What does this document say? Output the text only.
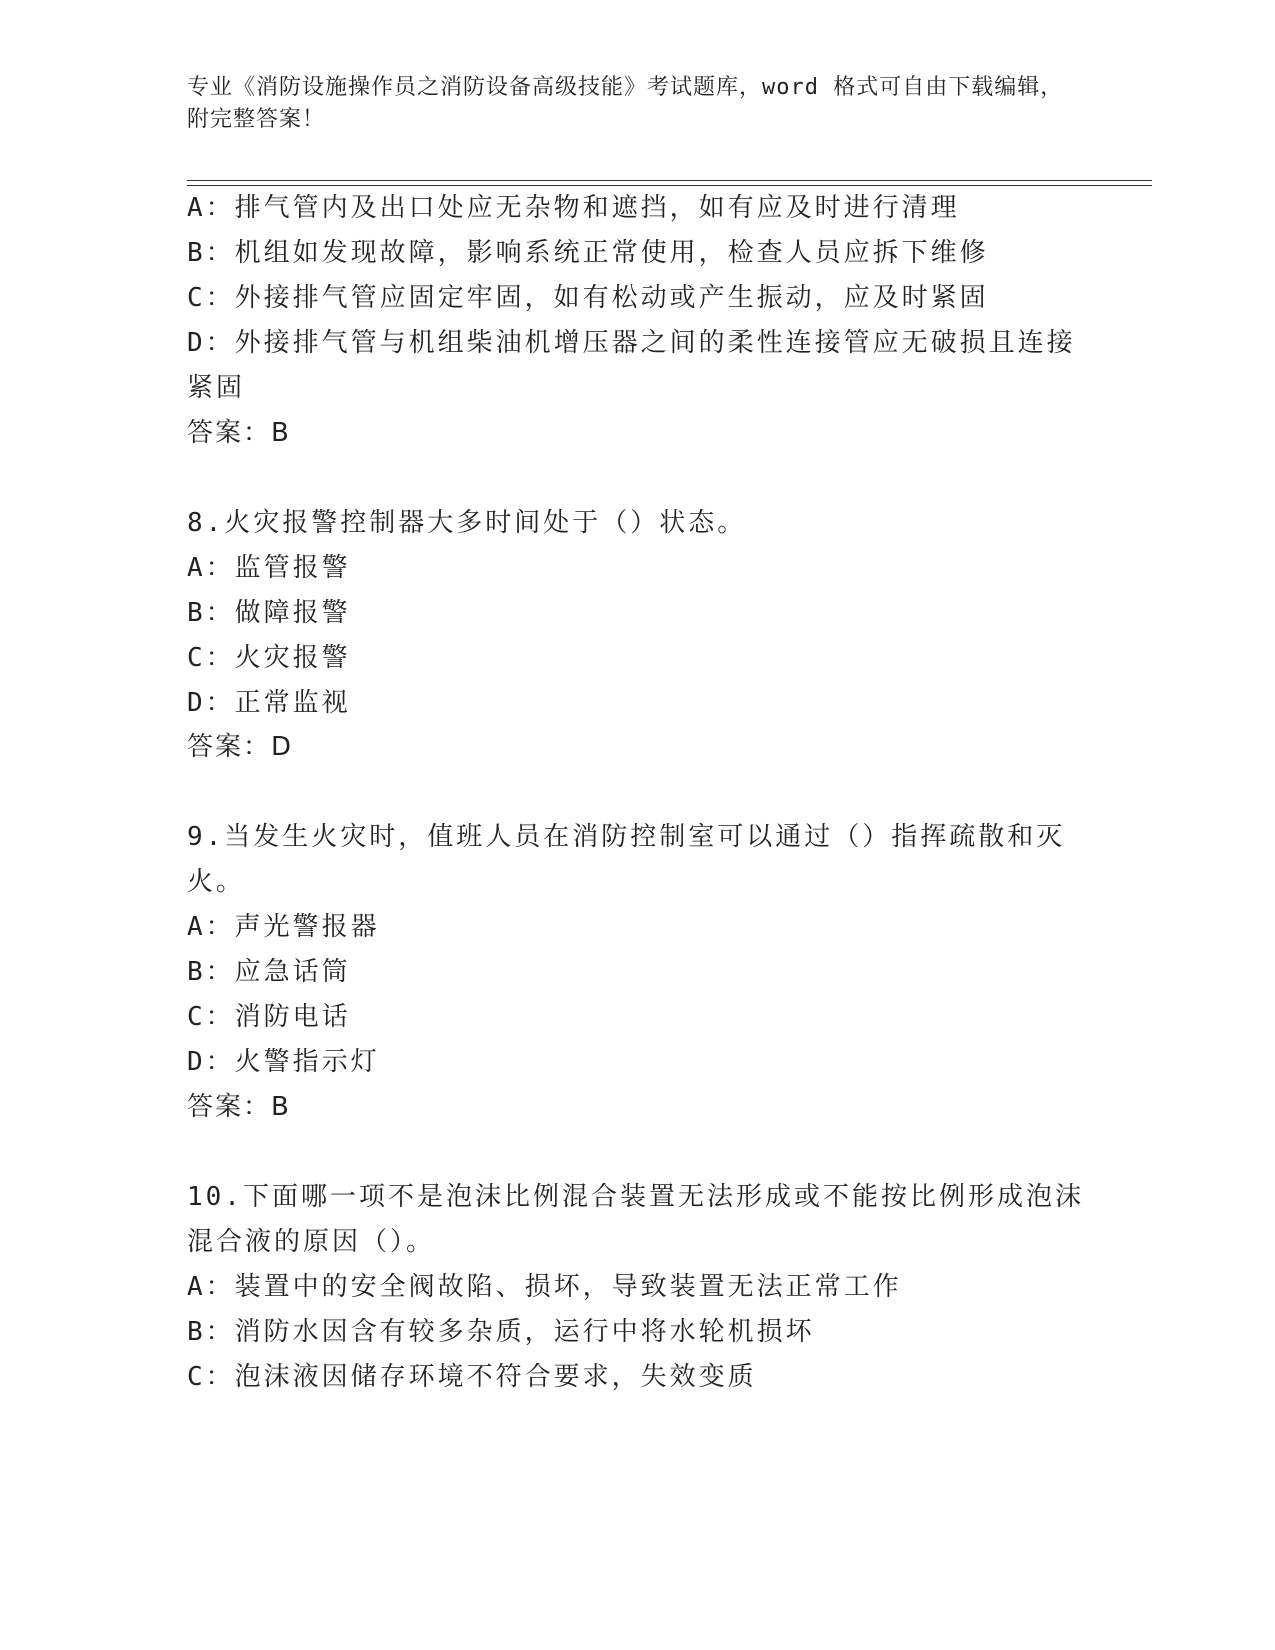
专业《消防设施操作员之消防设备高级技能》考试题库，word 格式可自由下载编辑，附完整答案！
A：排气管内及出口处应无杂物和遮挡，如有应及时进行清理
B：机组如发现故障，影响系统正常使用，检查人员应拆下维修
C：外接排气管应固定牢固，如有松动或产生振动，应及时紧固
D：外接排气管与机组柴油机增压器之间的柔性连接管应无破损且连接
紧固
答案：B
8.火灾报警控制器大多时间处于（）状态。
A：监管报警
B：做障报警
C：火灾报警
D：正常监视
答案：D
9.当发生火灾时，值班人员在消防控制室可以通过（）指挥疏散和灭
火。
A：声光警报器
B：应急话筒
C：消防电话
D：火警指示灯
答案：B
10.下面哪一项不是泡沫比例混合装置无法形成或不能按比例形成泡沫
混合液的原因（）。
A：装置中的安全阀故陷、损坏，导致装置无法正常工作
B：消防水因含有较多杂质，运行中将水轮机损坏
C：泡沫液因储存环境不符合要求，失效变质
